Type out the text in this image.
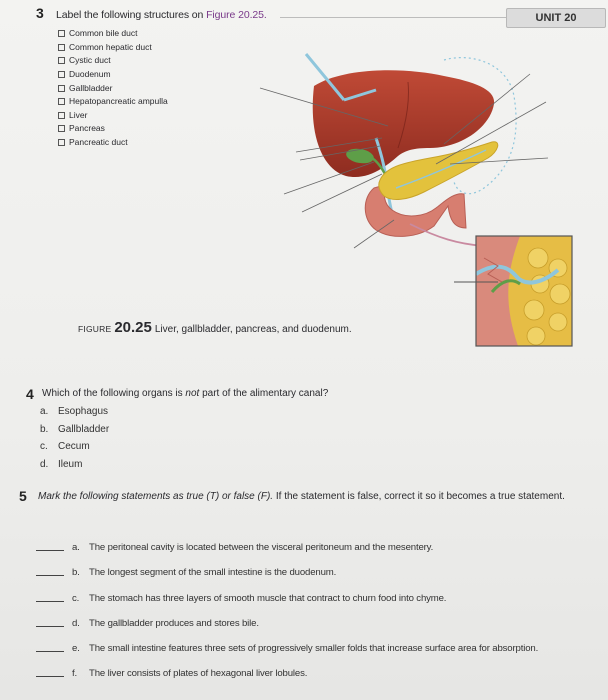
UNIT 20
3 Label the following structures on Figure 20.25.
Common bile duct
Common hepatic duct
Cystic duct
Duodenum
Gallbladder
Hepatopancreatic ampulla
Liver
Pancreas
Pancreatic duct
FIGURE 20.25 Liver, gallbladder, pancreas, and duodenum.
4 Which of the following organs is not part of the alimentary canal?
a. Esophagus
b. Gallbladder
c. Cecum
d. Ileum
5 Mark the following statements as true (T) or false (F). If the statement is false, correct it so it becomes a true statement.
a. The peritoneal cavity is located between the visceral peritoneum and the mesentery.
b. The longest segment of the small intestine is the duodenum.
c.	The stomach has three layers of smooth muscle that contract to churn food into chyme.
d. The gallbladder produces and stores bile.
e. The small intestine features three sets of progressively smaller folds that increase surface area for absorption.
f.	The liver consists of plates of hexagonal liver lobules.
